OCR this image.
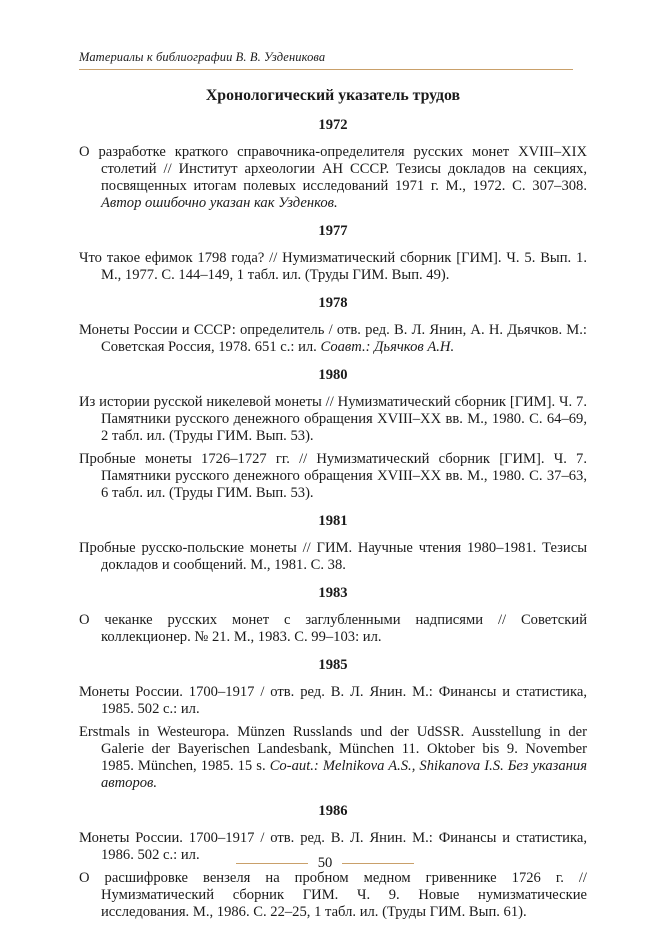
Материалы к библиографии В. В. Узденикова
Хронологический указатель трудов
1972

О разработке краткого справочника-определителя русских монет XVIII–XIX столетий // Институт археологии АН СССР. Тезисы докладов на секциях, посвященных итогам полевых исследований 1971 г. М., 1972. С. 307–308. Автор ошибочно указан как Узденков.

1977

Что такое ефимок 1798 года? // Нумизматический сборник [ГИМ]. Ч. 5. Вып. 1. М., 1977. С. 144–149, 1 табл. ил. (Труды ГИМ. Вып. 49).

1978

Монеты России и СССР: определитель / отв. ред. В. Л. Янин, А. Н. Дьячков. М.: Советская Россия, 1978. 651 с.: ил. Соавт.: Дьячков А.Н.

1980

Из истории русской никелевой монеты // Нумизматический сборник [ГИМ]. Ч. 7. Памятники русского денежного обращения XVIII–XX вв. М., 1980. С. 64–69, 2 табл. ил. (Труды ГИМ. Вып. 53).

Пробные монеты 1726–1727 гг. // Нумизматический сборник [ГИМ]. Ч. 7. Памятники русского денежного обращения XVIII–XX вв. М., 1980. С. 37–63, 6 табл. ил. (Труды ГИМ. Вып. 53).

1981

Пробные русско-польские монеты // ГИМ. Научные чтения 1980–1981. Тезисы докладов и сообщений. М., 1981. С. 38.

1983

О чеканке русских монет с заглубленными надписями // Советский коллекционер. № 21. М., 1983. С. 99–103: ил.

1985

Монеты России. 1700–1917 / отв. ред. В. Л. Янин. М.: Финансы и статистика, 1985. 502 с.: ил.

Erstmals in Westeuropa. Münzen Russlands und der UdSSR. Ausstellung in der Galerie der Bayerischen Landesbank, München 11. Oktober bis 9. November 1985. München, 1985. 15 s. Co-aut.: Melnikova A.S., Shikanova I.S. Без указания авторов.

1986

Монеты России. 1700–1917 / отв. ред. В. Л. Янин. М.: Финансы и статистика, 1986. 502 с.: ил.

О расшифровке вензеля на пробном медном гривеннике 1726 г. // Нумизматический сборник ГИМ. Ч. 9. Новые нумизматические исследования. М., 1986. С. 22–25, 1 табл. ил. (Труды ГИМ. Вып. 61).

50
